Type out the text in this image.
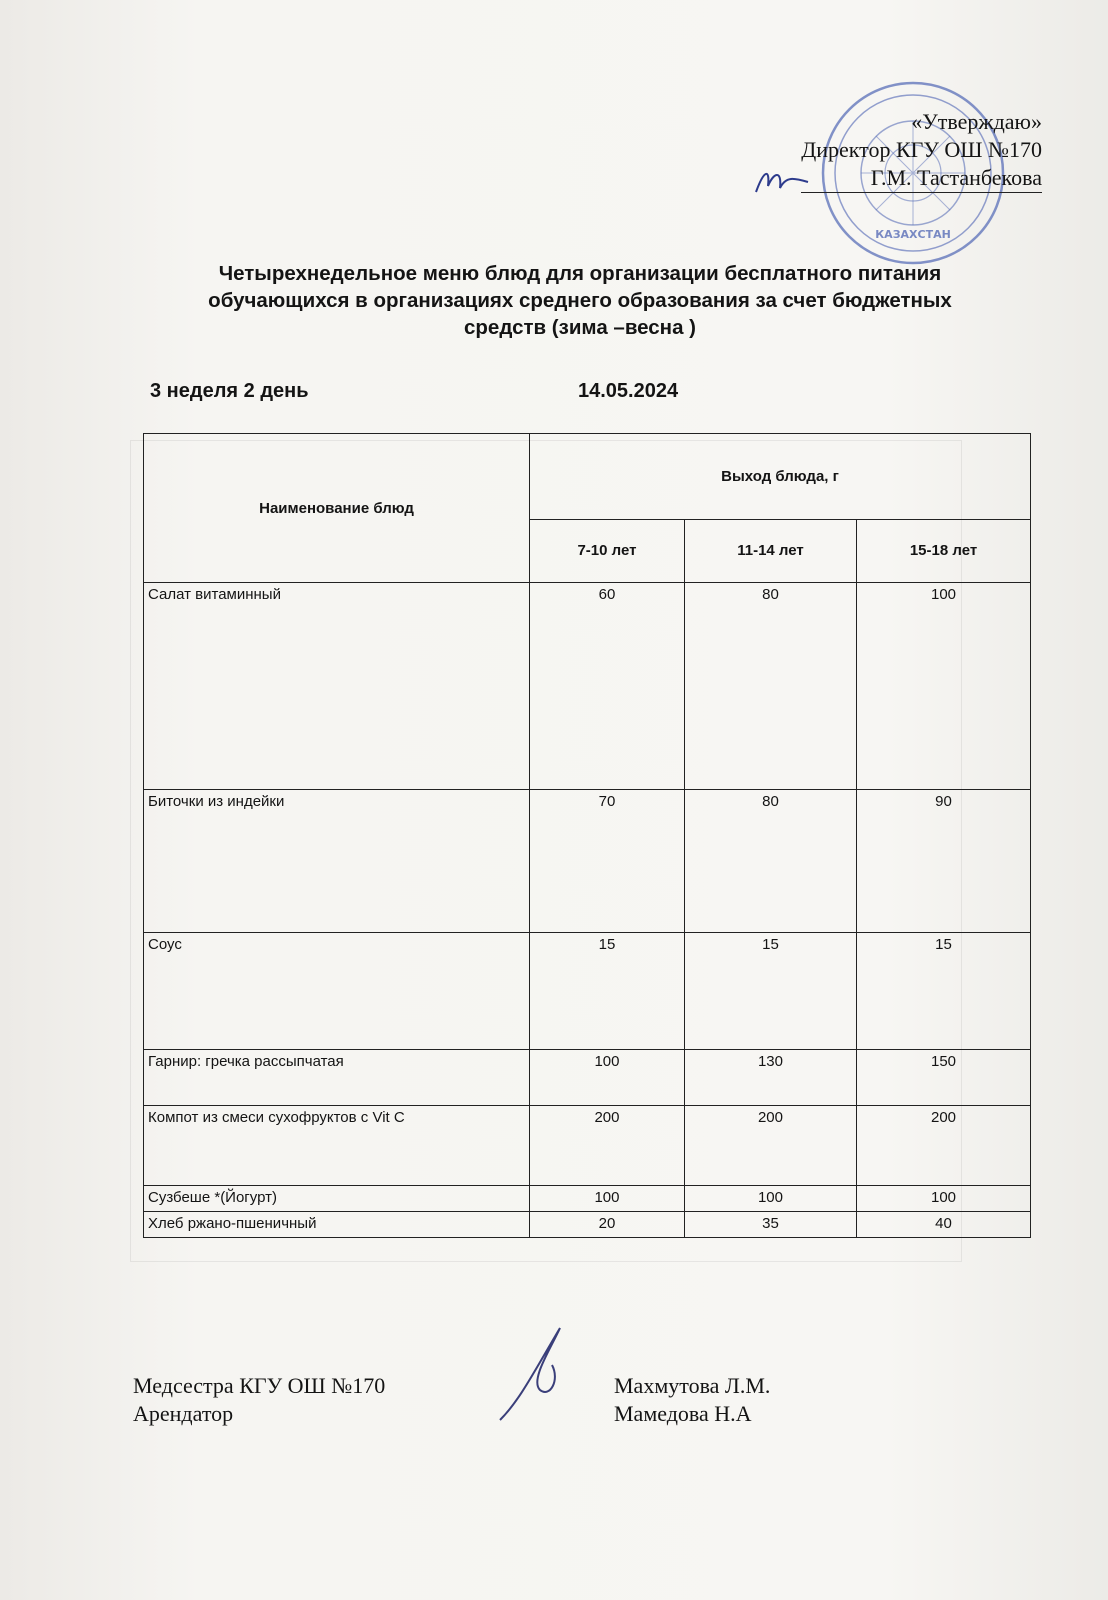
КАЗАХСТАН
«Утверждаю»
Директор КГУ ОШ №170
Г.М. Тастанбекова
Четырехнедельное меню блюд для организации бесплатного питания
обучающихся в организациях среднего образования за счет бюджетных
средств (зима –весна )
3 неделя 2 день	14.05.2024
Наименование блюд	Выход блюда, г		
	7-10 лет	11-14 лет	15-18 лет
Салат витаминный	60	80	100
Биточки из индейки	70	80	90
Соус	15	15	15
Гарнир: гречка рассыпчатая	100	130	150
Компот из смеси сухофруктов с Vit C	200	200	200
Сузбеше *(Йогурт)	100	100	100
Хлеб ржано-пшеничный	20	35	40
Медсестра КГУ ОШ №170
Арендатор
Махмутова Л.М.
Мамедова Н.А
